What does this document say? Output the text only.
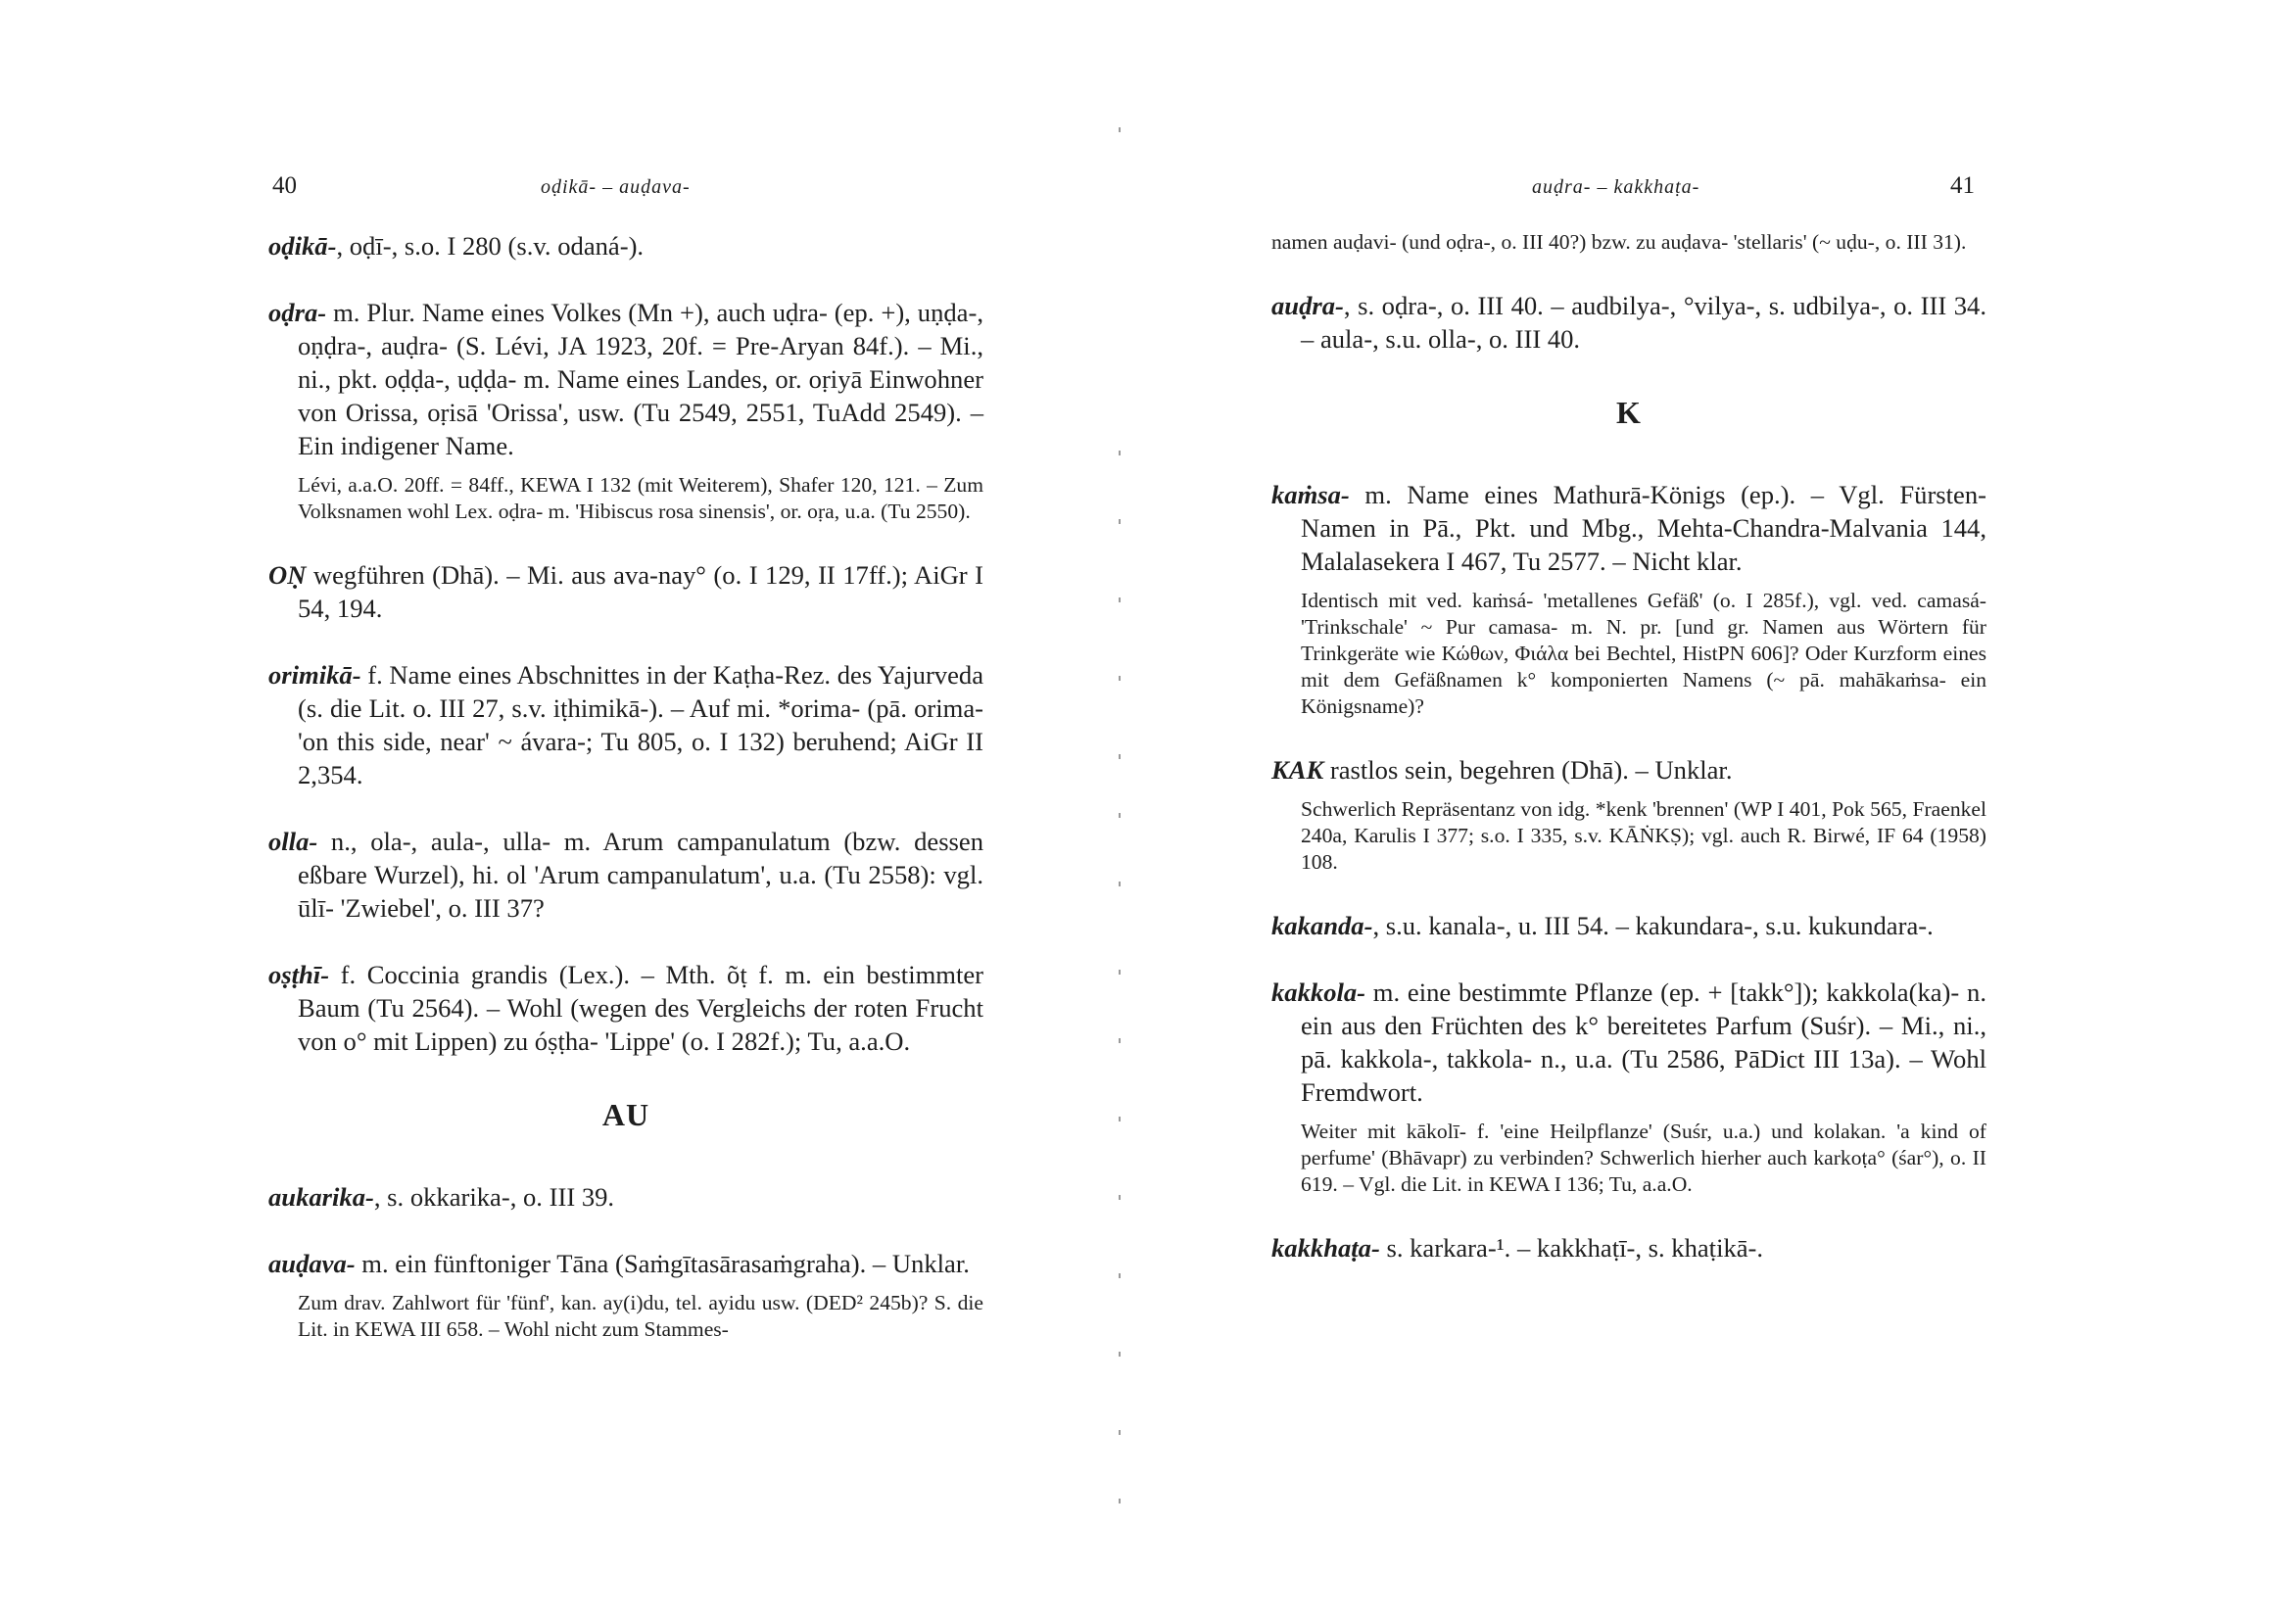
40	oḍikā- – auḍava-

oḍikā-, oḍī-, s.o. I 280 (s.v. odaná-).

oḍra- m. Plur. Name eines Volkes (Mn +), auch uḍra- (ep. +), uṇḍa-, oṇḍra-, auḍra- (S. Lévi, JA 1923, 20f. = Pre-Aryan 84f.). – Mi., ni., pkt. oḍḍa-, uḍḍa- m. Name eines Landes, or. oṛiyā Einwohner von Orissa, oṛisā 'Orissa', usw. (Tu 2549, 2551, TuAdd 2549). – Ein indigener Name.

Lévi, a.a.O. 20ff. = 84ff., KEWA I 132 (mit Weiterem), Shafer 120, 121. – Zum Volksnamen wohl Lex. oḍra- m. 'Hibiscus rosa sinensis', or. oṛa, u.a. (Tu 2550).

OṆ wegführen (Dhā). – Mi. aus ava-nay° (o. I 129, II 17ff.); AiGr I 54, 194.

orimikā- f. Name eines Abschnittes in der Kaṭha-Rez. des Yajurveda (s. die Lit. o. III 27, s.v. iṭhimikā-). – Auf mi. *orima- (pā. orima- 'on this side, near' ~ ávara-; Tu 805, o. I 132) beruhend; AiGr II 2,354.

olla- n., ola-, aula-, ulla- m. Arum campanulatum (bzw. dessen eßbare Wurzel), hi. ol 'Arum campanulatum', u.a. (Tu 2558): vgl. ūlī- 'Zwiebel', o. III 37?

oṣṭhī- f. Coccinia grandis (Lex.). – Mth. õṭ f. m. ein bestimmter Baum (Tu 2564). – Wohl (wegen des Vergleichs der roten Frucht von o° mit Lippen) zu óṣṭha- 'Lippe' (o. I 282f.); Tu, a.a.O.

AU

aukarika-, s. okkarika-, o. III 39.

auḍava- m. ein fünftoniger Tāna (Saṁgītasārasaṁgraha). – Unklar.

Zum drav. Zahlwort für 'fünf', kan. ay(i)du, tel. ayidu usw. (DED² 245b)? S. die Lit. in KEWA III 658. – Wohl nicht zum Stammes-

auḍra- – kakkhaṭa-	41

namen auḍavi- (und oḍra-, o. III 40?) bzw. zu auḍava- 'stellaris' (~ uḍu-, o. III 31).

auḍra-, s. oḍra-, o. III 40. – audbilya-, °vilya-, s. udbilya-, o. III 34. – aula-, s.u. olla-, o. III 40.

K

kaṁsa- m. Name eines Mathurā-Königs (ep.). – Vgl. Fürsten-Namen in Pā., Pkt. und Mbg., Mehta-Chandra-Malvania 144, Malalasekera I 467, Tu 2577. – Nicht klar.

Identisch mit ved. kaṁsá- 'metallenes Gefäß' (o. I 285f.), vgl. ved. camasá- 'Trinkschale' ~ Pur camasa- m. N. pr. [und gr. Namen aus Wörtern für Trinkgeräte wie Κώθων, Φιάλα bei Bechtel, HistPN 606]? Oder Kurzform eines mit dem Gefäßnamen k° komponierten Namens (~ pā. mahākaṁsa- ein Königsname)?

KAK rastlos sein, begehren (Dhā). – Unklar.

Schwerlich Repräsentanz von idg. *kenk 'brennen' (WP I 401, Pok 565, Fraenkel 240a, Karulis I 377; s.o. I 335, s.v. KĀṄKṢ); vgl. auch R. Birwé, IF 64 (1958) 108.

kakanda-, s.u. kanala-, u. III 54. – kakundara-, s.u. kukundara-.

kakkola- m. eine bestimmte Pflanze (ep. + [takk°]); kakkola(ka)- n. ein aus den Früchten des k° bereitetes Parfum (Suśr). – Mi., ni., pā. kakkola-, takkola- n., u.a. (Tu 2586, PāDict III 13a). – Wohl Fremdwort.

Weiter mit kākolī- f. 'eine Heilpflanze' (Suśr, u.a.) und kolakan. 'a kind of perfume' (Bhāvapr) zu verbinden? Schwerlich hierher auch karkoṭa° (śar°), o. II 619. – Vgl. die Lit. in KEWA I 136; Tu, a.a.O.

kakkhaṭa- s. karkara-¹. – kakkhaṭī-, s. khaṭikā-.
